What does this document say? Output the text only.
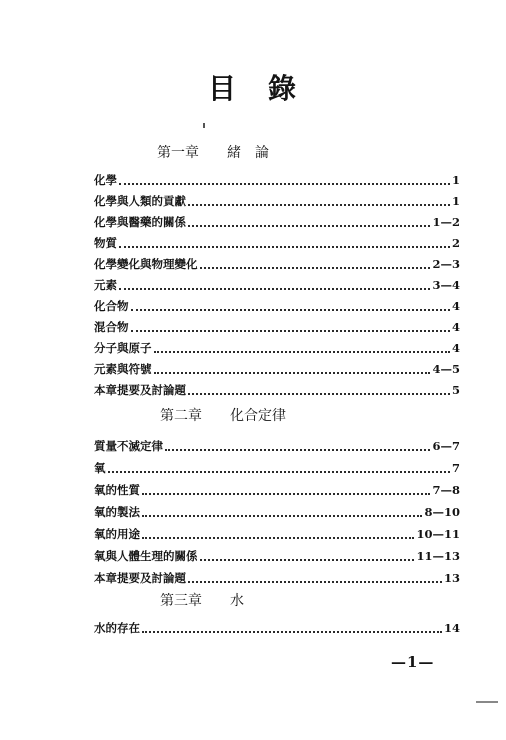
目 錄
第一章 緒　論
化學	1
化學與人類的貢獻	1
化學與醫藥的關係	1—2
物質	2
化學變化與物理變化	2—3
元素	3—4
化合物	4
混合物	4
分子與原子	4
元素與符號	4—5
本章提要及討論題	5
第二章 化合定律
質量不滅定律	6—7
氧	7
氧的性質	7—8
氧的製法	8—10
氧的用途	10—11
氧與人體生理的關係	11—13
本章提要及討論題	13
第三章 水
水的存在	14
—1—
